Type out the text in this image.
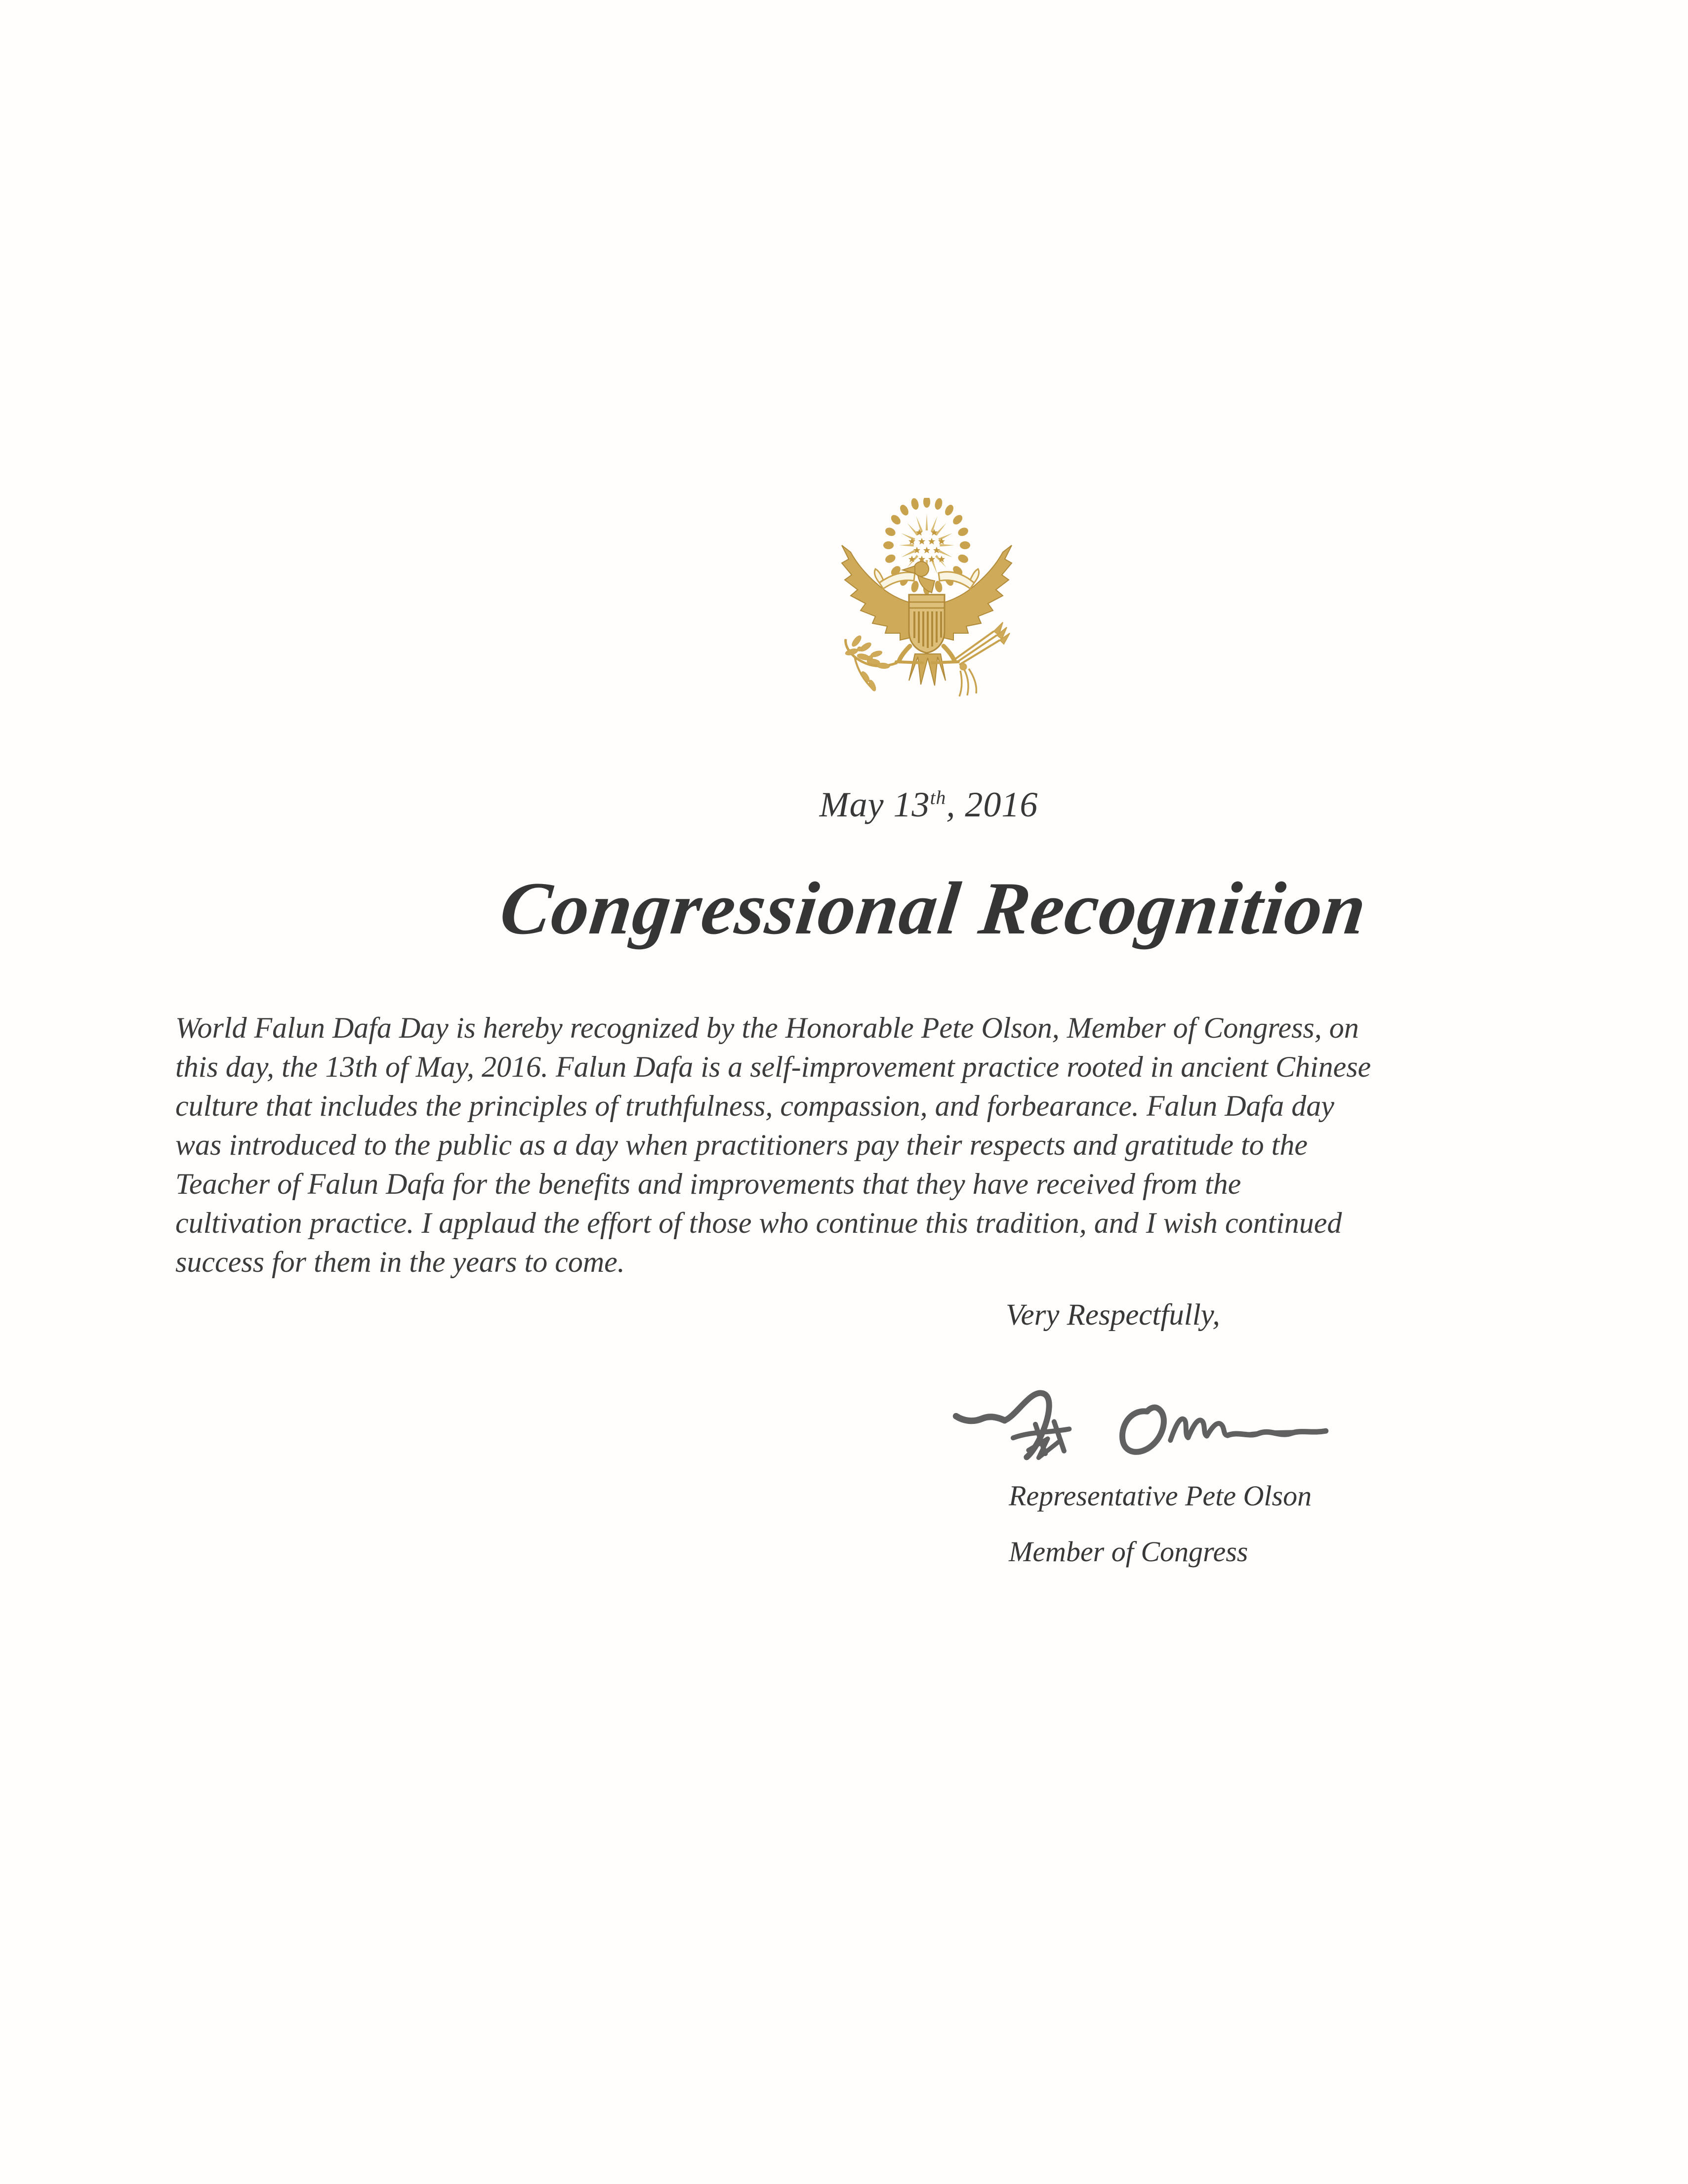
May 13th, 2016
Congressional Recognition
World Falun Dafa Day is hereby recognized by the Honorable Pete Olson, Member of Congress, on
this day, the 13th of May, 2016. Falun Dafa is a self-improvement practice rooted in ancient Chinese
culture that includes the principles of truthfulness, compassion, and forbearance. Falun Dafa day
was introduced to the public as a day when practitioners pay their respects and gratitude to the
Teacher of Falun Dafa for the benefits and improvements that they have received from the
cultivation practice. I applaud the effort of those who continue this tradition, and I wish continued
success for them in the years to come.
Very Respectfully,
Representative Pete Olson
Member of Congress
